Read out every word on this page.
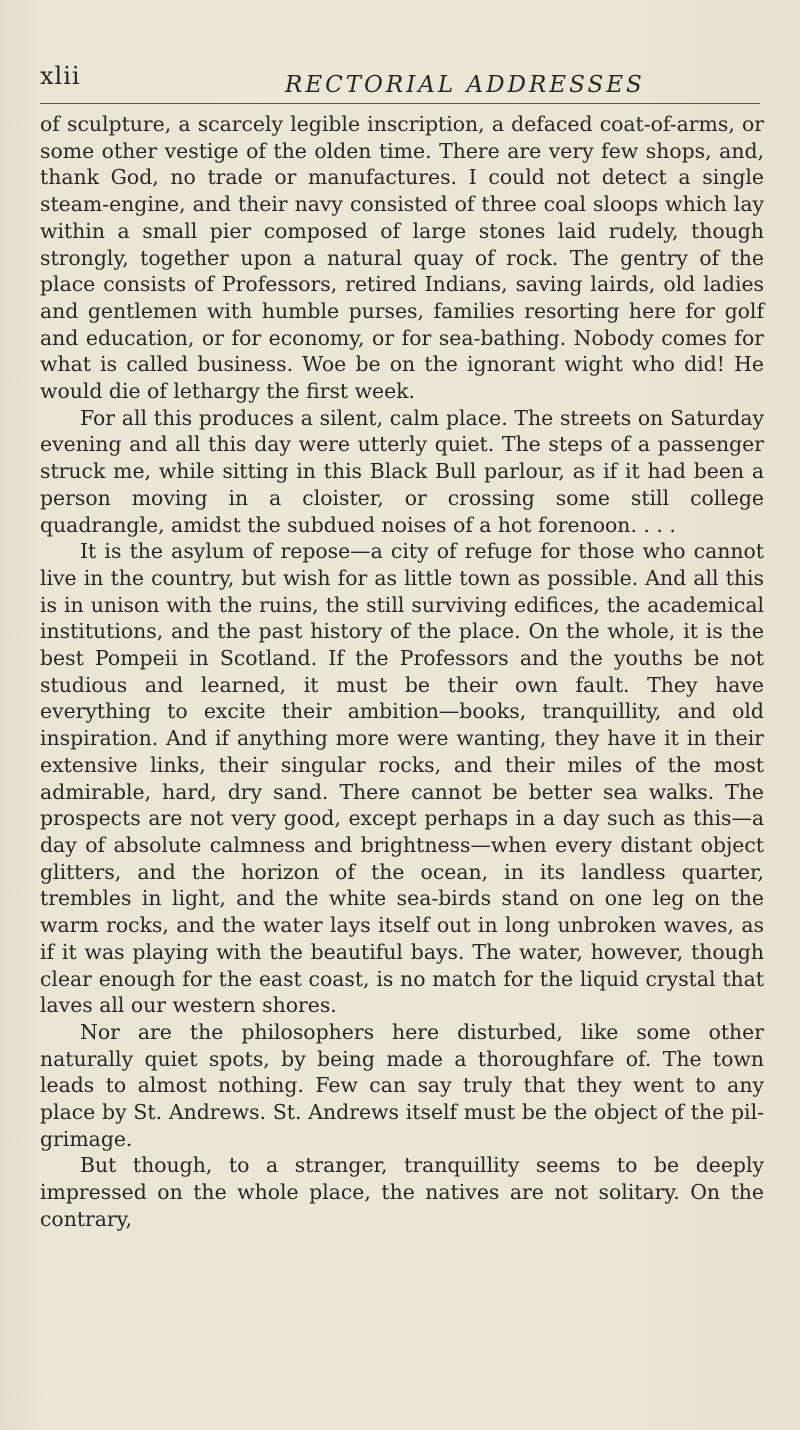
xlii	RECTORIAL ADDRESSES

of sculpture, a scarcely legible inscription, a defaced coat-of-arms, or some other vestige of the olden time. There are very few shops, and, thank God, no trade or manufactures. I could not detect a single steam-engine, and their navy consisted of three coal sloops which lay within a small pier composed of large stones laid rudely, though strongly, together upon a natural quay of rock. The gentry of the place consists of Professors, retired Indians, saving lairds, old ladies and gentlemen with humble purses, families resorting here for golf and education, or for economy, or for sea-bathing. Nobody comes for what is called business. Woe be on the ignorant wight who did! He would die of lethargy the first week.

For all this produces a silent, calm place. The streets on Saturday evening and all this day were utterly quiet. The steps of a passenger struck me, while sitting in this Black Bull parlour, as if it had been a person moving in a cloister, or crossing some still college quadrangle, amidst the subdued noises of a hot forenoon. . . .

It is the asylum of repose—a city of refuge for those who cannot live in the country, but wish for as little town as possible. And all this is in unison with the ruins, the still surviving edifices, the academical institutions, and the past history of the place. On the whole, it is the best Pompeii in Scotland. If the Professors and the youths be not studious and learned, it must be their own fault. They have everything to excite their ambition—books, tranquillity, and old inspiration. And if anything more were wanting, they have it in their extensive links, their singular rocks, and their miles of the most admirable, hard, dry sand. There cannot be better sea walks. The prospects are not very good, except perhaps in a day such as this—a day of absolute calmness and brightness—when every distant object glitters, and the horizon of the ocean, in its landless quarter, trembles in light, and the white sea-birds stand on one leg on the warm rocks, and the water lays itself out in long unbroken waves, as if it was playing with the beautiful bays. The water, however, though clear enough for the east coast, is no match for the liquid crystal that laves all our western shores.

Nor are the philosophers here disturbed, like some other naturally quiet spots, by being made a thoroughfare of. The town leads to almost nothing. Few can say truly that they went to any place by St. Andrews. St. Andrews itself must be the object of the pil-grimage.

But though, to a stranger, tranquillity seems to be deeply impressed on the whole place, the natives are not solitary. On the contrary,
